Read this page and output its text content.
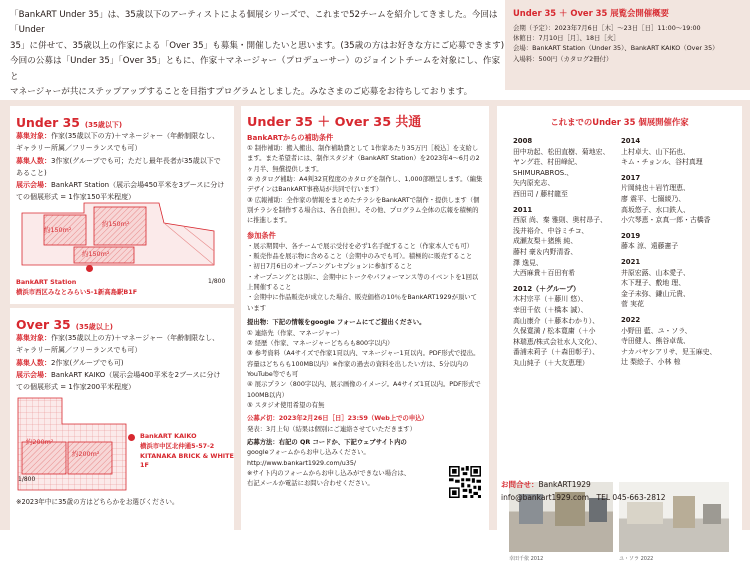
「BankART Under 35」は、35歳以下のアーティストによる個展シリーズで、これまで52チームを紹介してきました。今回は「Under

35」に併せて、35歳以上の作家による「Over 35」も募集・開催したいと思います。(35歳の方はお好きな方にご応募できます)

今回の公募は「Under 35」「Over 35」ともに、作家＋マネージャー（プロデューサー）のジョイントチームを対象にし、作家と

マネージャーが共にステップアップすることを目指すプログラムとしました。みなさまのご応募をお待ちしております。

Under 35 ＋ Over 35 展覧会開催概要
会期（予定）：2023年7月6日［木］〜23日［日］11:00〜19:00
休館日：7月10日［月］、18日［火］
会場：BankART Station（Under 35）、BankART KAIKO（Over 35）
入場料：500円（カタログ2冊付）
Under 35 (35歳以下)
募集対象：作家(35歳以下の方)＋マネージャー（年齢制限なし、ギャラリー所属／フリーランスでも可）
募集人数：3作家(グループでも可；ただし最年長者が35歳以下であること)
展示会場：BankART Station（展示会場450平米を3ブースに分けての個展形式 = 1作家150平米程度）
約150m²
約150m²
約150m²
BankART Station
横浜市西区みなとみらい5-1新高島駅B1F
1/800
Over 35 (35歳以上)
募集対象：作家(35歳以上の方)＋マネージャー（年齢制限なし、ギャラリー所属／フリーランスでも可）
募集人数：2作家(グループでも可)
展示会場：BankART KAIKO（展示会場400平米を2ブースに分けての個展形式 = 1作家200平米程度）
約200m²
約200m²
BankART KAIKO
横浜市中区北仲通5-57-2
KITANAKA BRICK & WHITE 1F
1/800
※2023年中に35歳の方はどちらかをお選びください。
Under 35 ＋ Over 35 共通
BankARTからの補助条件

① 制作補助：搬入搬出、制作補助費として 1作家あたり35万円［税込］を支給します。また希望者には、制作スタジオ（BankART Station）を2023年4〜6月の2ヶ月半、無償提供します。

② カタログ補助：A4判32頁程度のカタログを制作し、1,000部贈呈します。（編集デザインはBankART事務局が共同で行います）

③ 広報補助：全作家の情報をまとめたチラシをBankARTで制作・提供します（個別チラシを制作する場合は、各自負担）。その他、プログラム全体の広報を積極的に推進します。

参加条件

・展示期間中、各チームで展示受付を必ず1名手配すること（作家本人でも可）

・販売作品を展示物に含めること（会期中のみでも可）。積極的に販売すること

・初日7月6日のオープニングレセプションに参加すること

・オープニングとは別に、会期中にトークやパフォーマンス等のイベントを1回以上開催すること

・会期中に作品販売が成立した場合、販売価格の10％をBankART1929が頂いています

提出物：下記の情報をgoogle フォームにてご提出ください。

① 連絡先（作家、マネージャー）

② 経歴（作家、マネージャーどちらも800字以内）

③ 参考資料（A4サイズで作家1頁以内、マネージャー1頁以内。PDF形式で提出。容量はどちらも100MB以内）※作家の過去の資料を出したい方は、5分以内のYouTube等でも可

④ 展示プラン（800字以内、展示画像のイメージ。A4サイズ1頁以内。PDF形式で100MB以内）

⑤ スタジオ使用希望の有無

公募〆切：2023年2月26日［日］23:59（Web上での申込）
発表：3月上旬（結果は個別にご連絡させていただきます）

応募方法：右記の QR コードか、下記ウェブサイト内の

googleフォームからお申し込みください。

http://www.bankart1929.com/u35/

※サイト内のフォームからお申し込みができない場合は、

右記メールか電話にお問い合わせください。

これまでのUnder 35 個展開催作家
2008
田中功起、松田直樹、菊地宏、
ヤング荘、村田峰紀、
SHIMURABROS.、
矢内原充志、
西田司 / 藤村龍至
2011
西原 尚、秦 雅則、奥村昂子、
浅井裕介、中谷ミチコ、
成瀬友梨＋猪熊 純、
藤村 豪＆内野清香、
澤 逸見、
大西麻貴＋百田有希
2012（＋グループ）
木村宗平（＋藤川 悠）、
幸田千依（＋橋本 誠）、
高山康介（＋藤本わかり）、
久保寛満 / 松本寛庸（＋小
林瑞恵/株式会社水人文化）、
番浦未莉子（＋森田彰子）、
丸山純子（＋大友恵理）
2014
上村卓大、山下拓也、
キム・チョンル、谷村真理
2017
片岡純也＋岩竹理恵、
廖 震平、七搦綾乃、
高坂悠子、水口鉄人、
小穴琴恵・京真一郎・古橋香
2019
藤本 涼、遠藤憲子
2021
井原宏蕗、山本愛子、
木下理子、敷地 理、
金子未弥、鎌山元貴、
菅 実花
2022
小野田 藍、ユ・ソラ、
寺田健人、熊谷卓哉、
ナカバヤシアリサ、児玉麻史、
辻 梨絵子、小林 椋
幸田千依 2012	ユ・ソラ 2022
お問合せ：BankART1929
info@bankart1929.com　TEL 045-663-2812
